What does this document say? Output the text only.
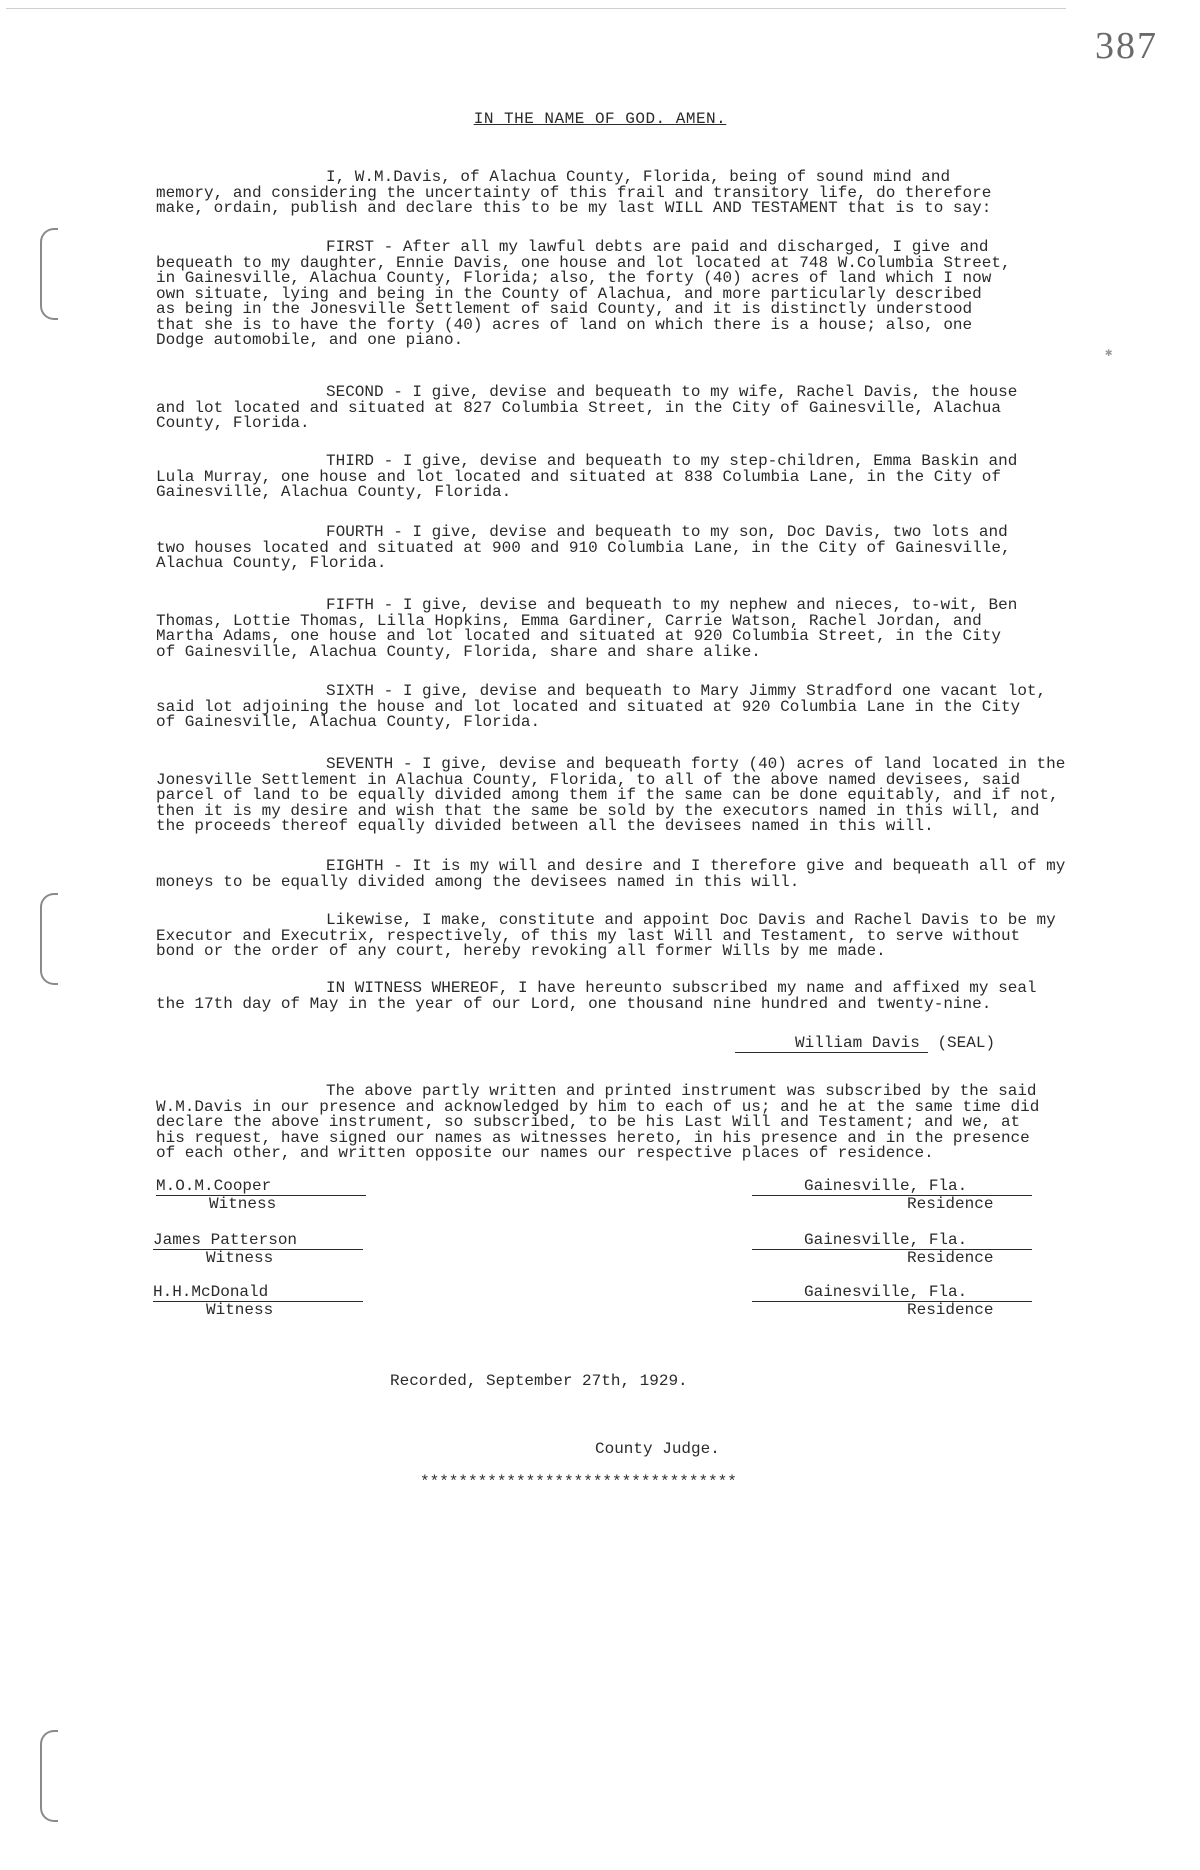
387
✱
IN THE NAME OF GOD. AMEN.

I, W.M.Davis, of Alachua County, Florida, being of sound mind and
memory, and considering the uncertainty of this frail and transitory life, do therefore
make, ordain, publish and declare this to be my last WILL AND TESTAMENT that is to say:

FIRST - After all my lawful debts are paid and discharged, I give and
bequeath to my daughter, Ennie Davis, one house and lot located at 748 W.Columbia Street,
in Gainesville, Alachua County, Florida; also, the forty (40) acres of land which I now
own situate, lying and being in the County of Alachua, and more particularly described
as being in the Jonesville Settlement of said County, and it is distinctly understood
that she is to have the forty (40) acres of land on which there is a house; also, one
Dodge automobile, and one piano.

SECOND - I give, devise and bequeath to my wife, Rachel Davis, the house
and lot located and situated at 827 Columbia Street, in the City of Gainesville, Alachua
County, Florida.

THIRD - I give, devise and bequeath to my step-children, Emma Baskin and
Lula Murray, one house and lot located and situated at 838 Columbia Lane, in the City of
Gainesville, Alachua County, Florida.

FOURTH - I give, devise and bequeath to my son, Doc Davis, two lots and
two houses located and situated at 900 and 910 Columbia Lane, in the City of Gainesville,
Alachua County, Florida.

FIFTH - I give, devise and bequeath to my nephew and nieces, to-wit, Ben
Thomas, Lottie Thomas, Lilla Hopkins, Emma Gardiner, Carrie Watson, Rachel Jordan, and
Martha Adams, one house and lot located and situated at 920 Columbia Street, in the City
of Gainesville, Alachua County, Florida, share and share alike.

SIXTH - I give, devise and bequeath to Mary Jimmy Stradford one vacant lot,
said lot adjoining the house and lot located and situated at 920 Columbia Lane in the City
of Gainesville, Alachua County, Florida.

SEVENTH - I give, devise and bequeath forty (40) acres of land located in the
Jonesville Settlement in Alachua County, Florida, to all of the above named devisees, said
parcel of land to be equally divided among them if the same can be done equitably, and if not,
then it is my desire and wish that the same be sold by the executors named in this will, and
the proceeds thereof equally divided between all the devisees named in this will.

EIGHTH - It is my will and desire and I therefore give and bequeath all of my
moneys to be equally divided among the devisees named in this will.

Likewise, I make, constitute and appoint Doc Davis and Rachel Davis to be my
Executor and Executrix, respectively, of this my last Will and Testament, to serve without
bond or the order of any court, hereby revoking all former Wills by me made.

IN WITNESS WHEREOF, I have hereunto subscribed my name and affixed my seal
the 17th day of May in the year of our Lord, one thousand nine hundred and twenty-nine.

William Davis (SEAL)

The above partly written and printed instrument was subscribed by the said
W.M.Davis in our presence and acknowledged by him to each of us; and he at the same time did
declare the above instrument, so subscribed, to be his Last Will and Testament; and we, at
his request, have signed our names as witnesses hereto, in his presence and in the presence
of each other, and written opposite our names our respective places of residence.

M.O.M.Cooper
Witness
Gainesville, Fla.
Residence
James Patterson
Witness
Gainesville, Fla.
Residence
H.H.McDonald
Witness
Gainesville, Fla.
Residence
Recorded, September 27th, 1929.
County Judge.
*********************************
